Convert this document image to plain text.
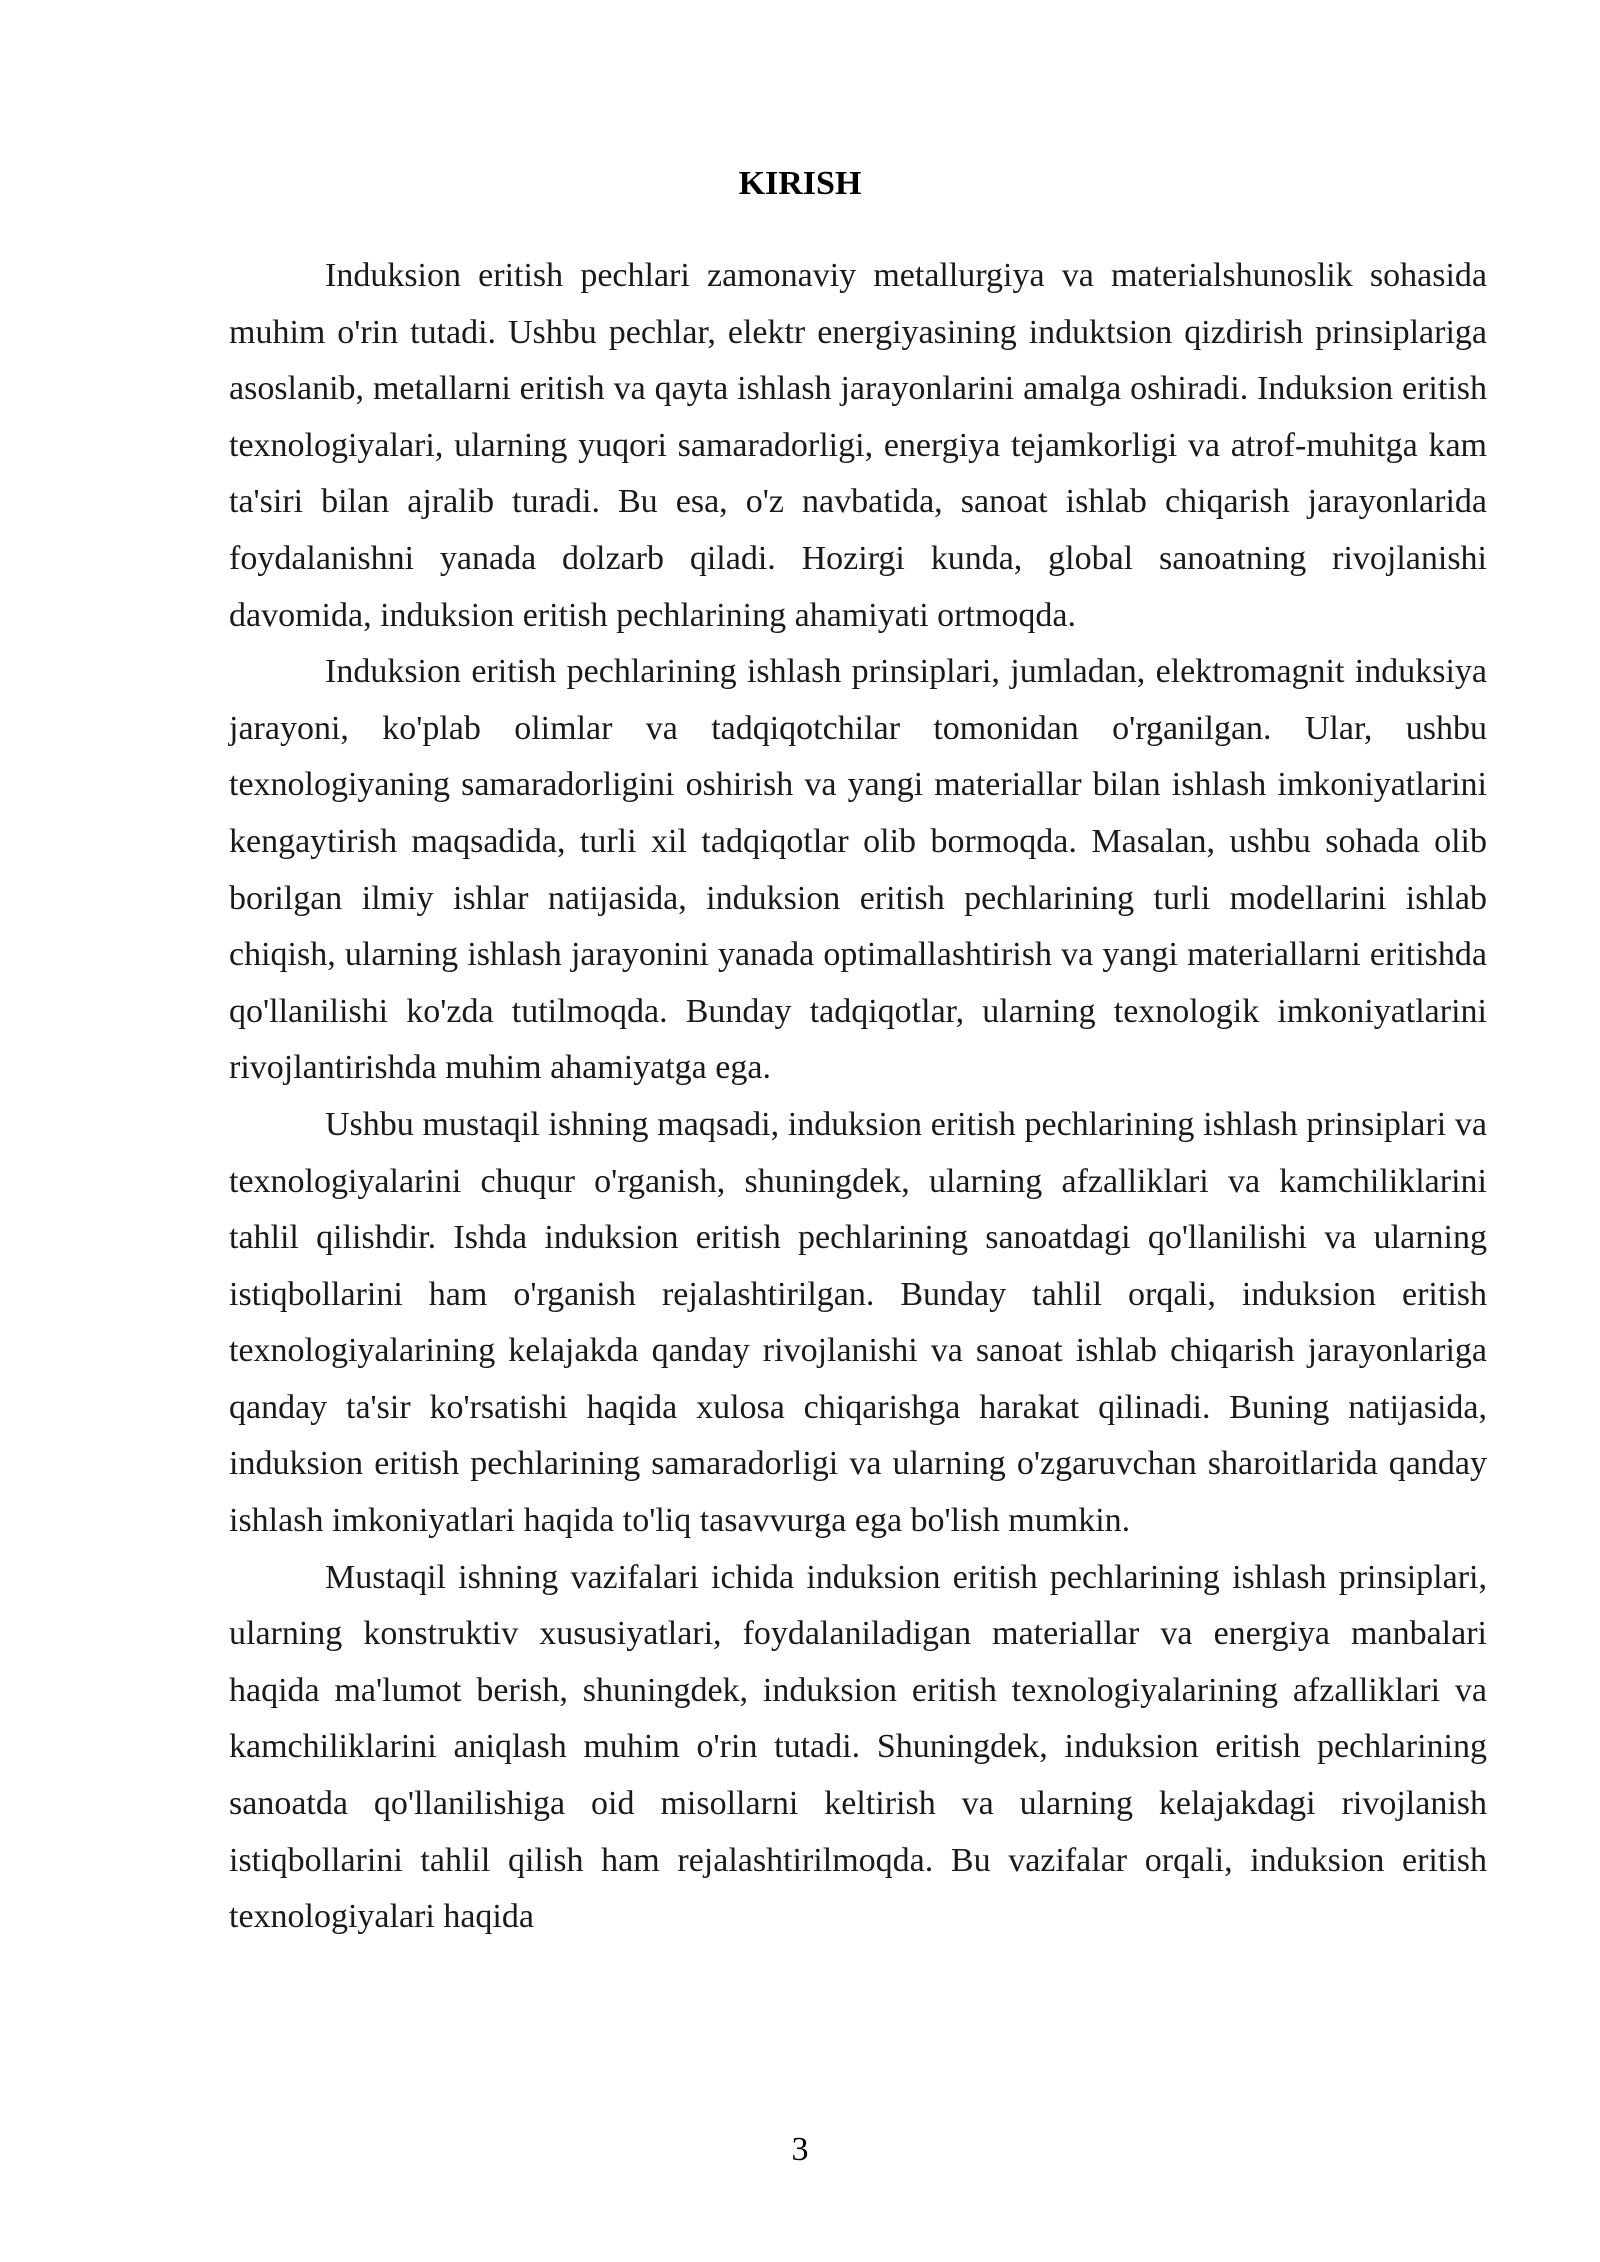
KIRISH

Induksion eritish pechlari zamonaviy metallurgiya va materialshunoslik sohasida muhim o'rin tutadi. Ushbu pechlar, elektr energiyasining induktsion qizdirish prinsiplariga asoslanib, metallarni eritish va qayta ishlash jarayonlarini amalga oshiradi. Induksion eritish texnologiyalari, ularning yuqori samaradorligi, energiya tejamkorligi va atrof-muhitga kam ta'siri bilan ajralib turadi. Bu esa, o'z navbatida, sanoat ishlab chiqarish jarayonlarida foydalanishni yanada dolzarb qiladi. Hozirgi kunda, global sanoatning rivojlanishi davomida, induksion eritish pechlarining ahamiyati ortmoqda.

Induksion eritish pechlarining ishlash prinsiplari, jumladan, elektromagnit induksiya jarayoni, ko'plab olimlar va tadqiqotchilar tomonidan o'rganilgan. Ular, ushbu texnologiyaning samaradorligini oshirish va yangi materiallar bilan ishlash imkoniyatlarini kengaytirish maqsadida, turli xil tadqiqotlar olib bormoqda. Masalan, ushbu sohada olib borilgan ilmiy ishlar natijasida, induksion eritish pechlarining turli modellarini ishlab chiqish, ularning ishlash jarayonini yanada optimallashtirish va yangi materiallarni eritishda qo'llanilishi ko'zda tutilmoqda. Bunday tadqiqotlar, ularning texnologik imkoniyatlarini rivojlantirishda muhim ahamiyatga ega.

Ushbu mustaqil ishning maqsadi, induksion eritish pechlarining ishlash prinsiplari va texnologiyalarini chuqur o'rganish, shuningdek, ularning afzalliklari va kamchiliklarini tahlil qilishdir. Ishda induksion eritish pechlarining sanoatdagi qo'llanilishi va ularning istiqbollarini ham o'rganish rejalashtirilgan. Bunday tahlil orqali, induksion eritish texnologiyalarining kelajakda qanday rivojlanishi va sanoat ishlab chiqarish jarayonlariga qanday ta'sir ko'rsatishi haqida xulosa chiqarishga harakat qilinadi. Buning natijasida, induksion eritish pechlarining samaradorligi va ularning o'zgaruvchan sharoitlarida qanday ishlash imkoniyatlari haqida to'liq tasavvurga ega bo'lish mumkin.

Mustaqil ishning vazifalari ichida induksion eritish pechlarining ishlash prinsiplari, ularning konstruktiv xususiyatlari, foydalaniladigan materiallar va energiya manbalari haqida ma'lumot berish, shuningdek, induksion eritish texnologiyalarining afzalliklari va kamchiliklarini aniqlash muhim o'rin tutadi. Shuningdek, induksion eritish pechlarining sanoatda qo'llanilishiga oid misollarni keltirish va ularning kelajakdagi rivojlanish istiqbollarini tahlil qilish ham rejalashtirilmoqda. Bu vazifalar orqali, induksion eritish texnologiyalari haqida

3
